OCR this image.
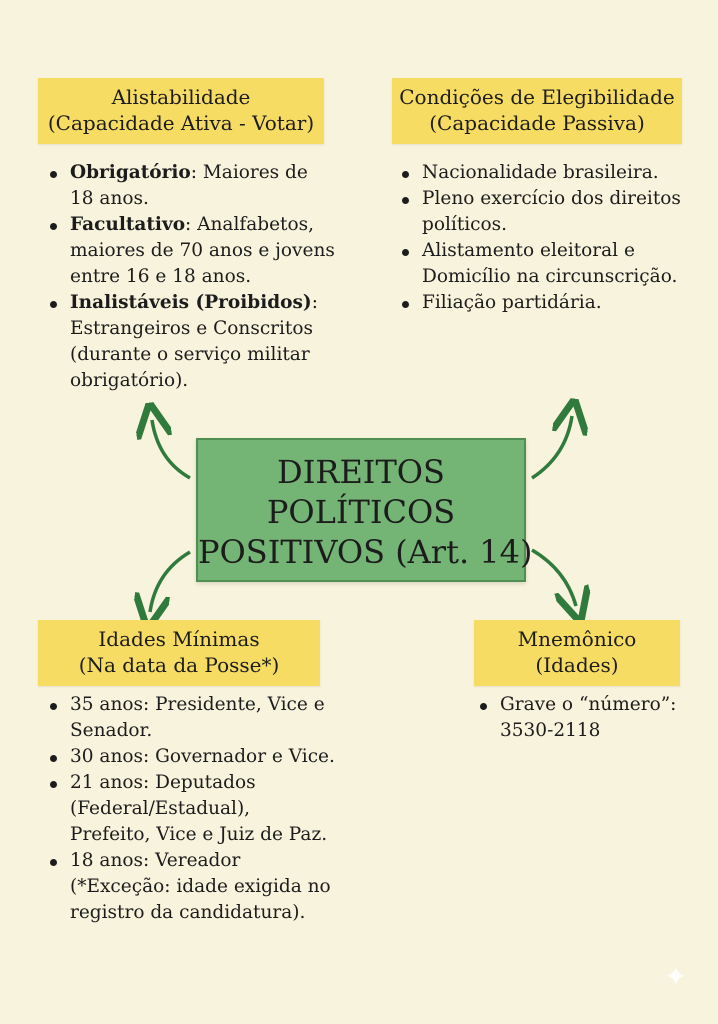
Alistabilidade
(Capacidade Ativa - Votar)
Obrigatório: Maiores de 18 anos.
Facultativo: Analfabetos, maiores de 70 anos e jovens entre 16 e 18 anos.
Inalistáveis (Proibidos): Estrangeiros e Conscritos (durante o serviço militar obrigatório).
Condições de Elegibilidade
(Capacidade Passiva)
Nacionalidade brasileira.
Pleno exercício dos direitos políticos.
Alistamento eleitoral e Domicílio na circunscrição.
Filiação partidária.
DIREITOS
POLÍTICOS
POSITIVOS (Art. 14)
Idades Mínimas
(Na data da Posse*)
35 anos: Presidente, Vice e Senador.
30 anos: Governador e Vice.
21 anos: Deputados (Federal/Estadual), Prefeito, Vice e Juiz de Paz.
18 anos: Vereador (*Exceção: idade exigida no registro da candidatura).
Mnemônico
(Idades)
Grave o “número”: 3530-2118
✦
